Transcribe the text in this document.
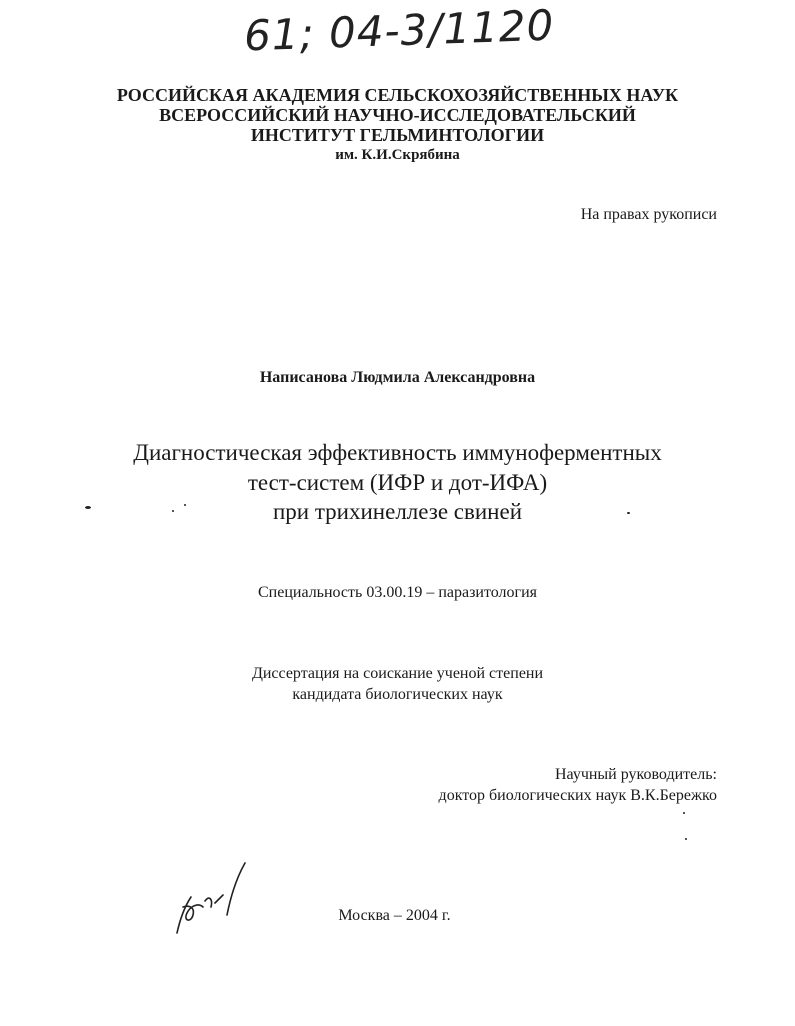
61; 04-3/1120
РОССИЙСКАЯ АКАДЕМИЯ СЕЛЬСКОХОЗЯЙСТВЕННЫХ НАУК
ВСЕРОССИЙСКИЙ НАУЧНО-ИССЛЕДОВАТЕЛЬСКИЙ
ИНСТИТУТ ГЕЛЬМИНТОЛОГИИ
им. К.И.Скрябина
На правах рукописи
Написанова Людмила Александровна
Диагностическая эффективность иммуноферментных
тест-систем (ИФР и дот-ИФА)
при трихинеллезе свиней
Специальность 03.00.19 – паразитология
Диссертация на соискание ученой степени
кандидата биологических наук
Научный руководитель:
доктор биологических наук В.К.Бережко
Москва – 2004 г.
